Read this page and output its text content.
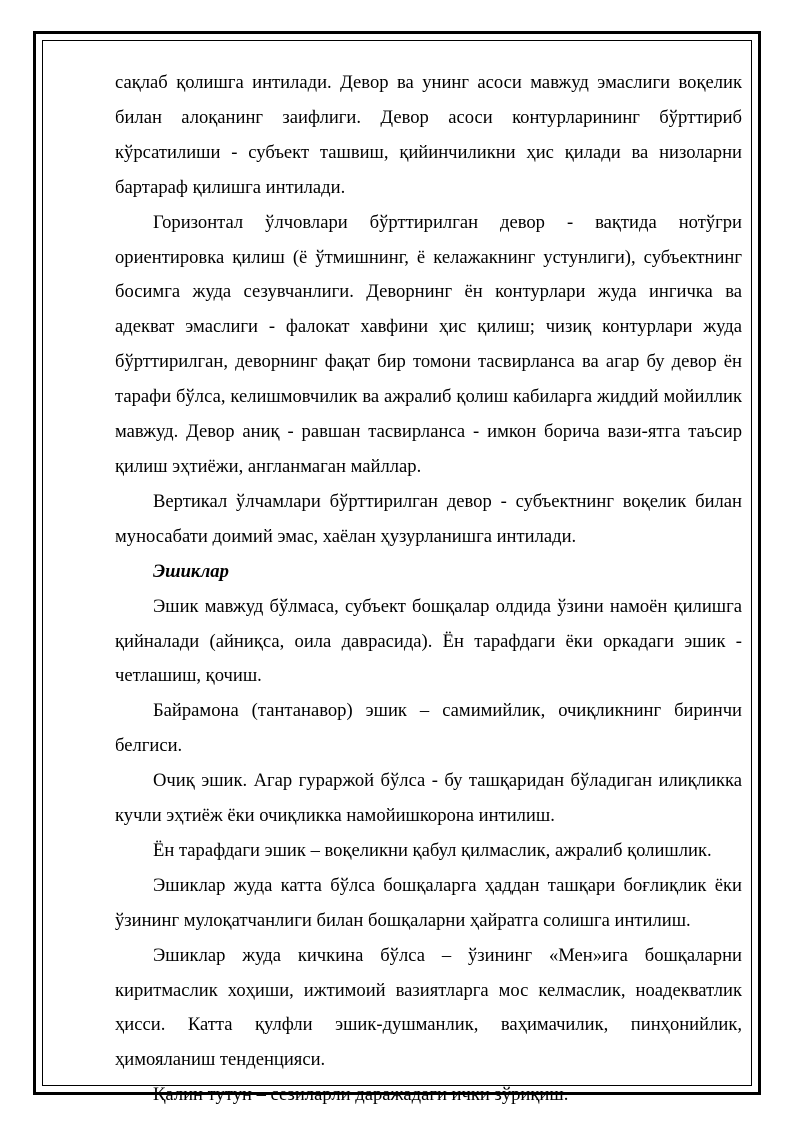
сақлаб қолишга интилади. Девор ва унинг асоси мавжуд эмаслиги воқелик билан алоқанинг заифлиги. Девор асоси контурларининг бўрттириб кўрсатилиши - субъект ташвиш, қийинчиликни ҳис қилади ва низоларни бартараф қилишга интилади.

Горизонтал ўлчовлари бўрттирилган девор - вақтида нотўгри ориентировка қилиш (ё ўтмишнинг, ё келажакнинг устунлиги), субъектнинг босимга жуда сезувчанлиги. Деворнинг ён контурлари жуда ингичка ва адекват эмаслиги - фалокат хавфини ҳис қилиш; чизиқ контурлари жуда бўрттирилган, деворнинг фақат бир томони тасвирланса ва агар бу девор ён тарафи бўлса, келишмовчилик ва ажралиб қолиш кабиларга жиддий мойиллик мавжуд. Девор аниқ - равшан тасвирланса - имкон борича вази-ятга таъсир қилиш эҳтиёжи, англанмаган майллар.

Вертикал ўлчамлари бўрттирилган девор - субъектнинг воқелик билан муносабати доимий эмас, хаёлан ҳузурланишга интилади.

Эшиклар

Эшик мавжуд бўлмаса, субъект бошқалар олдида ўзини намоён қилишга қийналади (айниқса, оила даврасида). Ён тарафдаги ёки оркадаги эшик - четлашиш, қочиш.

Байрамона (тантанавор) эшик – самимийлик, очиқликнинг биринчи белгиси.

Очиқ эшик. Агар гураржой бўлса - бу ташқаридан бўладиган илиқликка кучли эҳтиёж ёки очиқликка намойишкорона интилиш.

Ён тарафдаги эшик – воқеликни қабул қилмаслик, ажралиб қолишлик.

Эшиклар жуда катта бўлса бошқаларга ҳаддан ташқари боғлиқлик ёки ўзининг мулоқатчанлиги билан бошқаларни ҳайратга солишга интилиш.

Эшиклар жуда кичкина бўлса – ўзининг «Мен»ига бошқаларни киритмаслик хоҳиши, ижтимоий вазиятларга мос келмаслик, ноадекватлик ҳисси. Катта қулфли эшик-душманлик, ваҳимачилик, пинҳонийлик, ҳимояланиш тенденцияси.

Қалин тутун – сезиларли даражадаги ички зўриқиш.
